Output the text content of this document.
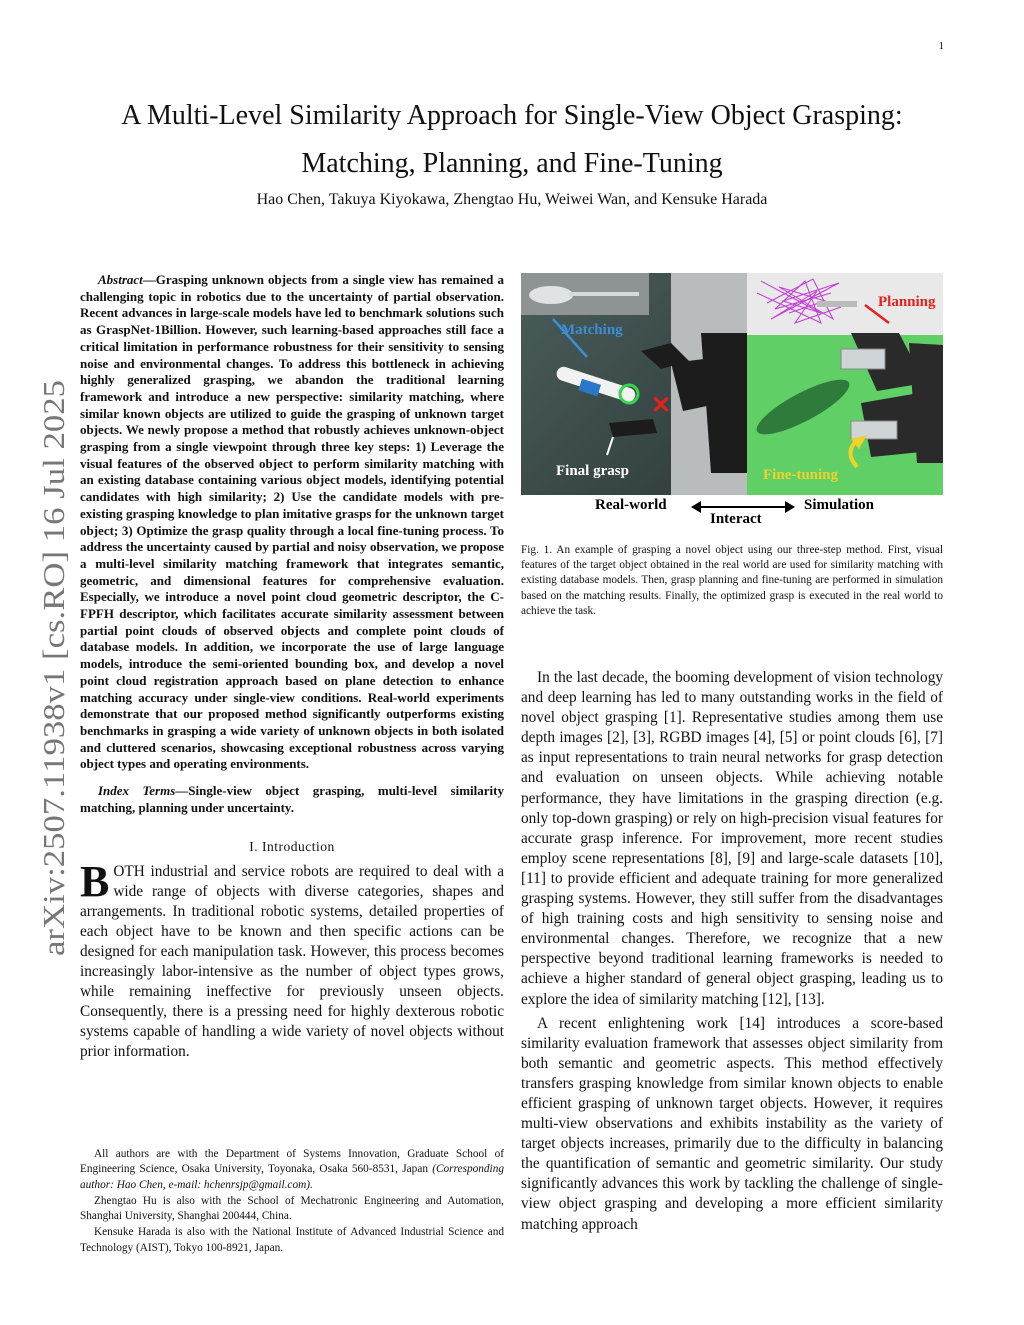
1
arXiv:2507.11938v1 [cs.RO] 16 Jul 2025
A Multi-Level Similarity Approach for Single-View Object Grasping:
Matching, Planning, and Fine-Tuning
Hao Chen, Takuya Kiyokawa, Zhengtao Hu, Weiwei Wan, and Kensuke Harada

Abstract—Grasping unknown objects from a single view has remained a challenging topic in robotics due to the uncertainty of partial observation. Recent advances in large-scale models have led to benchmark solutions such as GraspNet-1Billion. However, such learning-based approaches still face a critical limitation in performance robustness for their sensitivity to sensing noise and environmental changes. To address this bottleneck in achieving highly generalized grasping, we abandon the traditional learning framework and introduce a new perspective: similarity matching, where similar known objects are utilized to guide the grasping of unknown target objects. We newly propose a method that robustly achieves unknown-object grasping from a single viewpoint through three key steps: 1) Leverage the visual features of the observed object to perform similarity matching with an existing database containing various object models, identifying potential candidates with high similarity; 2) Use the candidate models with pre-existing grasping knowledge to plan imitative grasps for the unknown target object; 3) Optimize the grasp quality through a local fine-tuning process. To address the uncertainty caused by partial and noisy observation, we propose a multi-level similarity matching framework that integrates semantic, geometric, and dimensional features for comprehensive evaluation. Especially, we introduce a novel point cloud geometric descriptor, the C-FPFH descriptor, which facilitates accurate similarity assessment between partial point clouds of observed objects and complete point clouds of database models. In addition, we incorporate the use of large language models, introduce the semi-oriented bounding box, and develop a novel point cloud registration approach based on plane detection to enhance matching accuracy under single-view conditions. Real-world experiments demonstrate that our proposed method significantly outperforms existing benchmarks in grasping a wide variety of unknown objects in both isolated and cluttered scenarios, showcasing exceptional robustness across varying object types and operating environments.

Index Terms—Single-view object grasping, multi-level similarity matching, planning under uncertainty.

I. Introduction

BOTH industrial and service robots are required to deal with a wide range of objects with diverse categories, shapes and arrangements. In traditional robotic systems, detailed properties of each object have to be known and then specific actions can be designed for each manipulation task. However, this process becomes increasingly labor-intensive as the number of object types grows, while remaining ineffective for previously unseen objects. Consequently, there is a pressing need for highly dexterous robotic systems capable of handling a wide variety of novel objects without prior information.

All authors are with the Department of Systems Innovation, Graduate School of Engineering Science, Osaka University, Toyonaka, Osaka 560-8531, Japan (Corresponding author: Hao Chen, e-mail: hchenrsjp@gmail.com).

Zhengtao Hu is also with the School of Mechatronic Engineering and Automation, Shanghai University, Shanghai 200444, China.

Kensuke Harada is also with the National Institute of Advanced Industrial Science and Technology (AIST), Tokyo 100-8921, Japan.

✕
Matching
Planning
Final grasp	Fine-tuning
Real-world	Simulation
Interact
Fig. 1. An example of grasping a novel object using our three-step method. First, visual features of the target object obtained in the real world are used for similarity matching with existing database models. Then, grasp planning and fine-tuning are performed in simulation based on the matching results. Finally, the optimized grasp is executed in the real world to achieve the task.

In the last decade, the booming development of vision technology and deep learning has led to many outstanding works in the field of novel object grasping [1]. Representative studies among them use depth images [2], [3], RGBD images [4], [5] or point clouds [6], [7] as input representations to train neural networks for grasp detection and evaluation on unseen objects. While achieving notable performance, they have limitations in the grasping direction (e.g. only top-down grasping) or rely on high-precision visual features for accurate grasp inference. For improvement, more recent studies employ scene representations [8], [9] and large-scale datasets [10], [11] to provide efficient and adequate training for more generalized grasping systems. However, they still suffer from the disadvantages of high training costs and high sensitivity to sensing noise and environmental changes. Therefore, we recognize that a new perspective beyond traditional learning frameworks is needed to achieve a higher standard of general object grasping, leading us to explore the idea of similarity matching [12], [13].

A recent enlightening work [14] introduces a score-based similarity evaluation framework that assesses object similarity from both semantic and geometric aspects. This method effectively transfers grasping knowledge from similar known objects to enable efficient grasping of unknown target objects. However, it requires multi-view observations and exhibits instability as the variety of target objects increases, primarily due to the difficulty in balancing the quantification of semantic and geometric similarity. Our study significantly advances this work by tackling the challenge of single-view object grasping and developing a more efficient similarity matching approach
